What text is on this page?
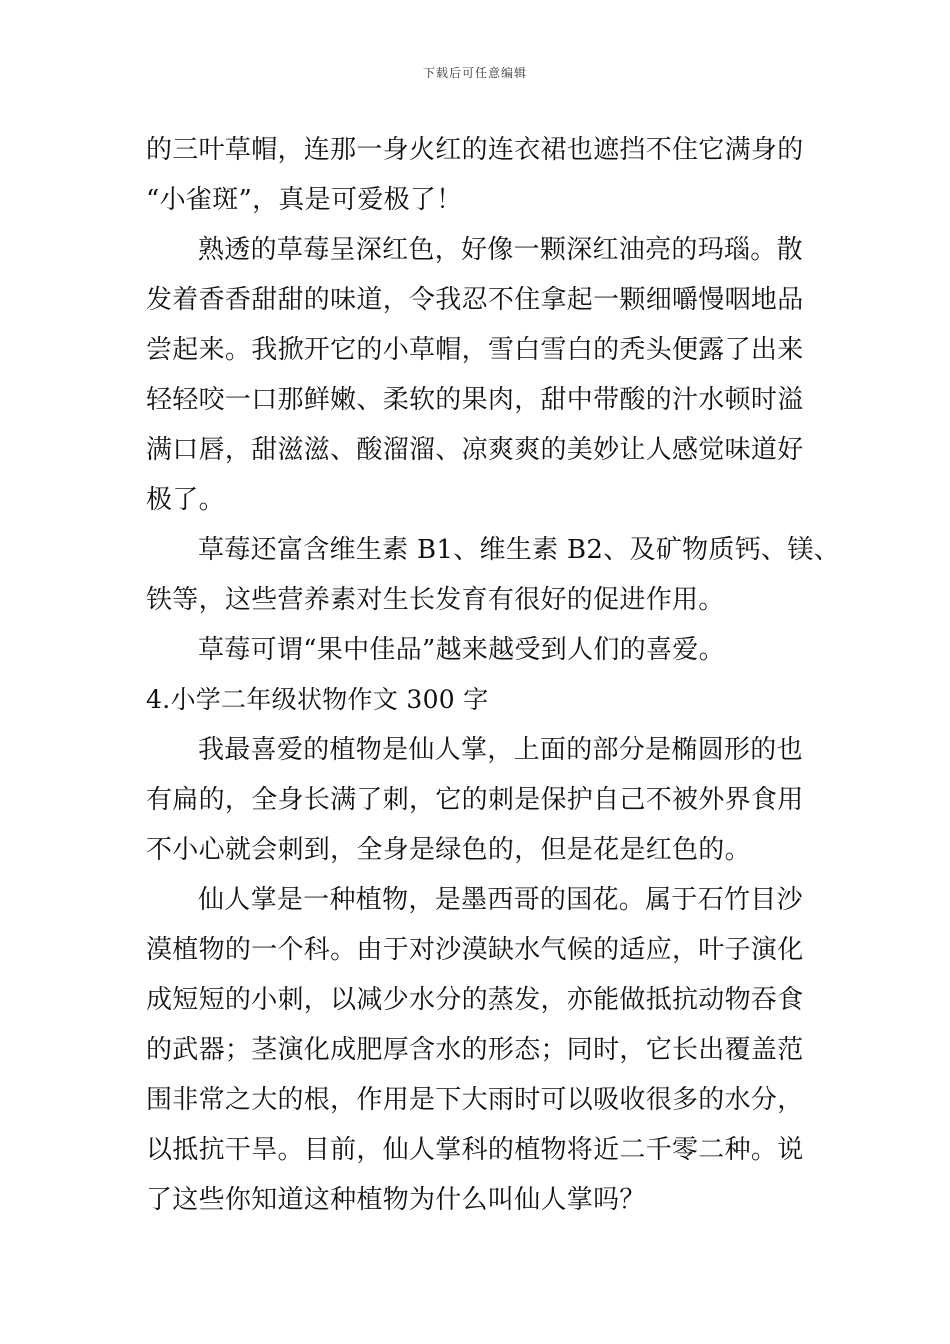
下载后可任意编辑
的三叶草帽，连那一身火红的连衣裙也遮挡不住它满身的
“小雀斑”，真是可爱极了！
熟透的草莓呈深红色，好像一颗深红油亮的玛瑙。散
发着香香甜甜的味道，令我忍不住拿起一颗细嚼慢咽地品
尝起来。我掀开它的小草帽，雪白雪白的秃头便露了出来
轻轻咬一口那鲜嫩、柔软的果肉，甜中带酸的汁水顿时溢
满口唇，甜滋滋、酸溜溜、凉爽爽的美妙让人感觉味道好
极了。
草莓还富含维生素 B1、维生素 B2、及矿物质钙、镁、
铁等，这些营养素对生长发育有很好的促进作用。
草莓可谓“果中佳品”越来越受到人们的喜爱。
4.小学二年级状物作文 300 字
我最喜爱的植物是仙人掌，上面的部分是椭圆形的也
有扁的，全身长满了刺，它的刺是保护自己不被外界食用
不小心就会刺到，全身是绿色的，但是花是红色的。
仙人掌是一种植物，是墨西哥的国花。属于石竹目沙
漠植物的一个科。由于对沙漠缺水气候的适应，叶子演化
成短短的小刺，以减少水分的蒸发，亦能做抵抗动物吞食
的武器；茎演化成肥厚含水的形态；同时，它长出覆盖范
围非常之大的根，作用是下大雨时可以吸收很多的水分，
以抵抗干旱。目前，仙人掌科的植物将近二千零二种。说
了这些你知道这种植物为什么叫仙人掌吗？
